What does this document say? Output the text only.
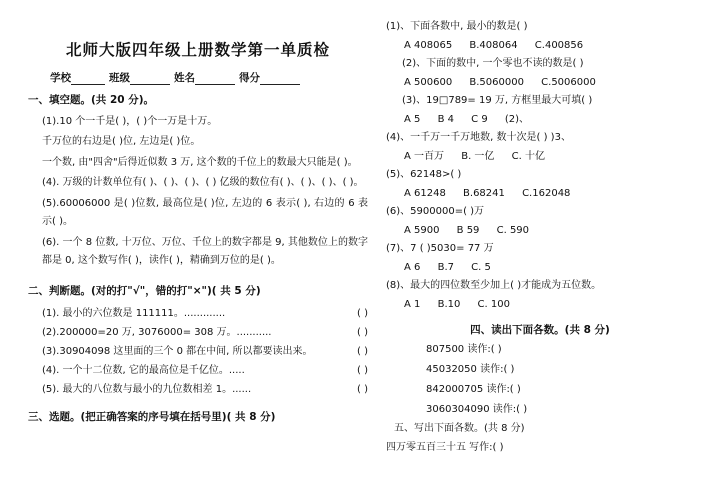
北师大版四年级上册数学第一单质检
学校	班级	姓名	得分
一、填空题。(共 20 分)。
(1).10 个一千是( )，( )个一万是十万。
千万位的右边是( )位, 左边是( )位。
一个数, 由"四舍"后得近似数 3 万, 这个数的千位上的数最大只能是( )。
(4). 万级的计数单位有( )、( )、( )、( ) 亿级的数位有( )、( )、( )、( )。
(5).60006000 是( )位数, 最高位是( )位, 左边的 6 表示( ), 右边的 6 表示( )。
(6). 一个 8 位数, 十万位、万位、千位上的数字都是 9, 其他数位上的数字都是 0, 这个数写作( )，读作( )，精确到万位的是( )。
二、判断题。(对的打"√"，错的打"×")( 共 5 分)
(1). 最小的六位数是 111111。.............	( )
(2).200000=20 万, 3076000= 308 万。...........	( )
(3).30904098 这里面的三个 0 都在中间, 所以都要读出来。	( )
(4). 一个十二位数, 它的最高位是千亿位。.....	( )
(5). 最大的八位数与最小的九位数相差 1。......	( )
三、选题。(把正确答案的序号填在括号里)( 共 8 分)
(1)、下面各数中, 最小的数是( )
A 408065 B.408064 C.400856
(2)、下面的数中, 一个零也不读的数是( )
A 500600 B.5060000 C.5006000
(3)、19□789= 19 万, 方框里最大可填( )
A 5 B 4 C 9 (2)、
(4)、一千万一千万地数, 数十次是( ) )3、
A 一百万 B. 一亿 C. 十亿
(5)、62148>( )
A 61248 B.68241 C.162048
(6)、5900000=( )万
A 5900 B 59 C. 590
(7)、7 ( )5030= 77 万
A 6 B.7 C. 5
(8)、最大的四位数至少加上( )才能成为五位数。
A 1 B.10 C. 100
四、读出下面各数。(共 8 分)
807500 读作:( )
45032050 读作:( )
842000705 读作:( )
3060304090 读作:( )
五、写出下面各数。(共 8 分)
四万零五百三十五 写作:( )
